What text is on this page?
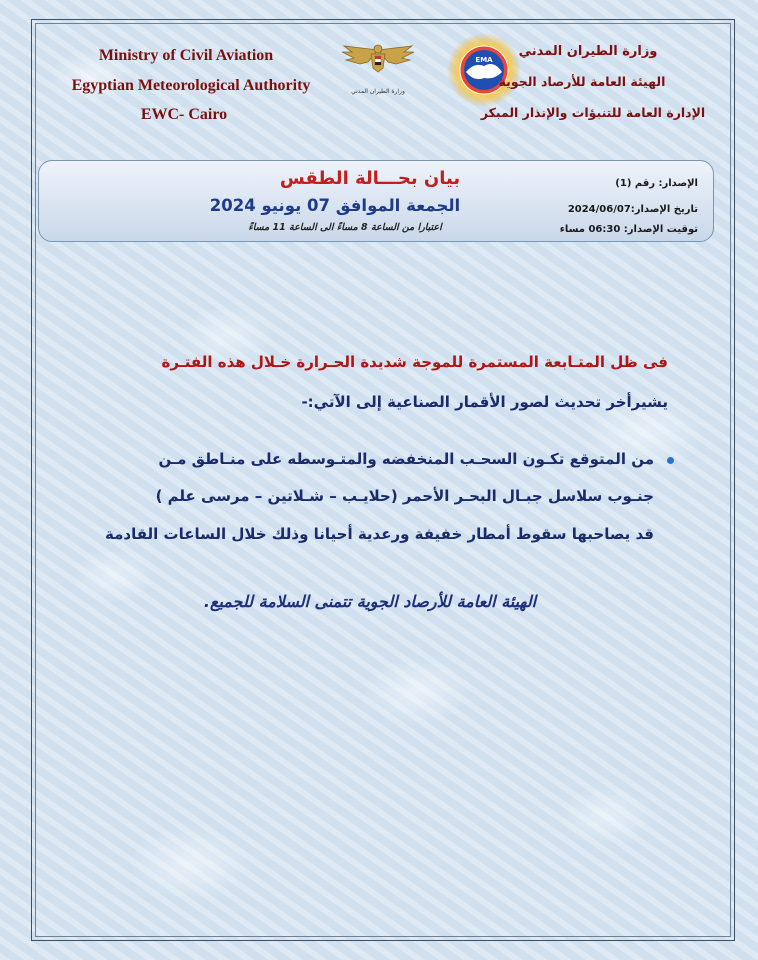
Ministry of Civil Aviation
Egyptian Meteorological Authority
EWC- Cairo
وزارة الطيران المدني
EMA
وزارة الطيران المدني
الهيئة العامة للأرصاد الجوية
الإدارة العامة للتنبؤات والإنذار المبكر
بيان بحـــالة الطقس
الجمعة الموافق 07 يونيو 2024
اعتبارا من الساعة 8 مساءً الى الساعة 11 مساءً
الإصدار: رقم (1)
تاريخ الإصدار:2024/06/07
توقيت الإصدار: 06:30 مساء
فى ظل المتـابعة المستمرة للموجة شديدة الحـرارة خـلال هذه الفتـرة
يشيرأخر تحديث لصور الأقمار الصناعية إلى الآتي:-
من المتوقع تكـون السحـب المنخفضه والمتـوسطه على منـاطق مـن
جنـوب سلاسل جبـال البحـر الأحمر (حلايـب – شـلاتين – مرسى علم )
قد يصاحبها سقوط أمطار خفيفة ورعدية أحيانا وذلك خلال الساعات القادمة
الهيئة العامة للأرصاد الجوية تتمنى السلامة للجميع.
